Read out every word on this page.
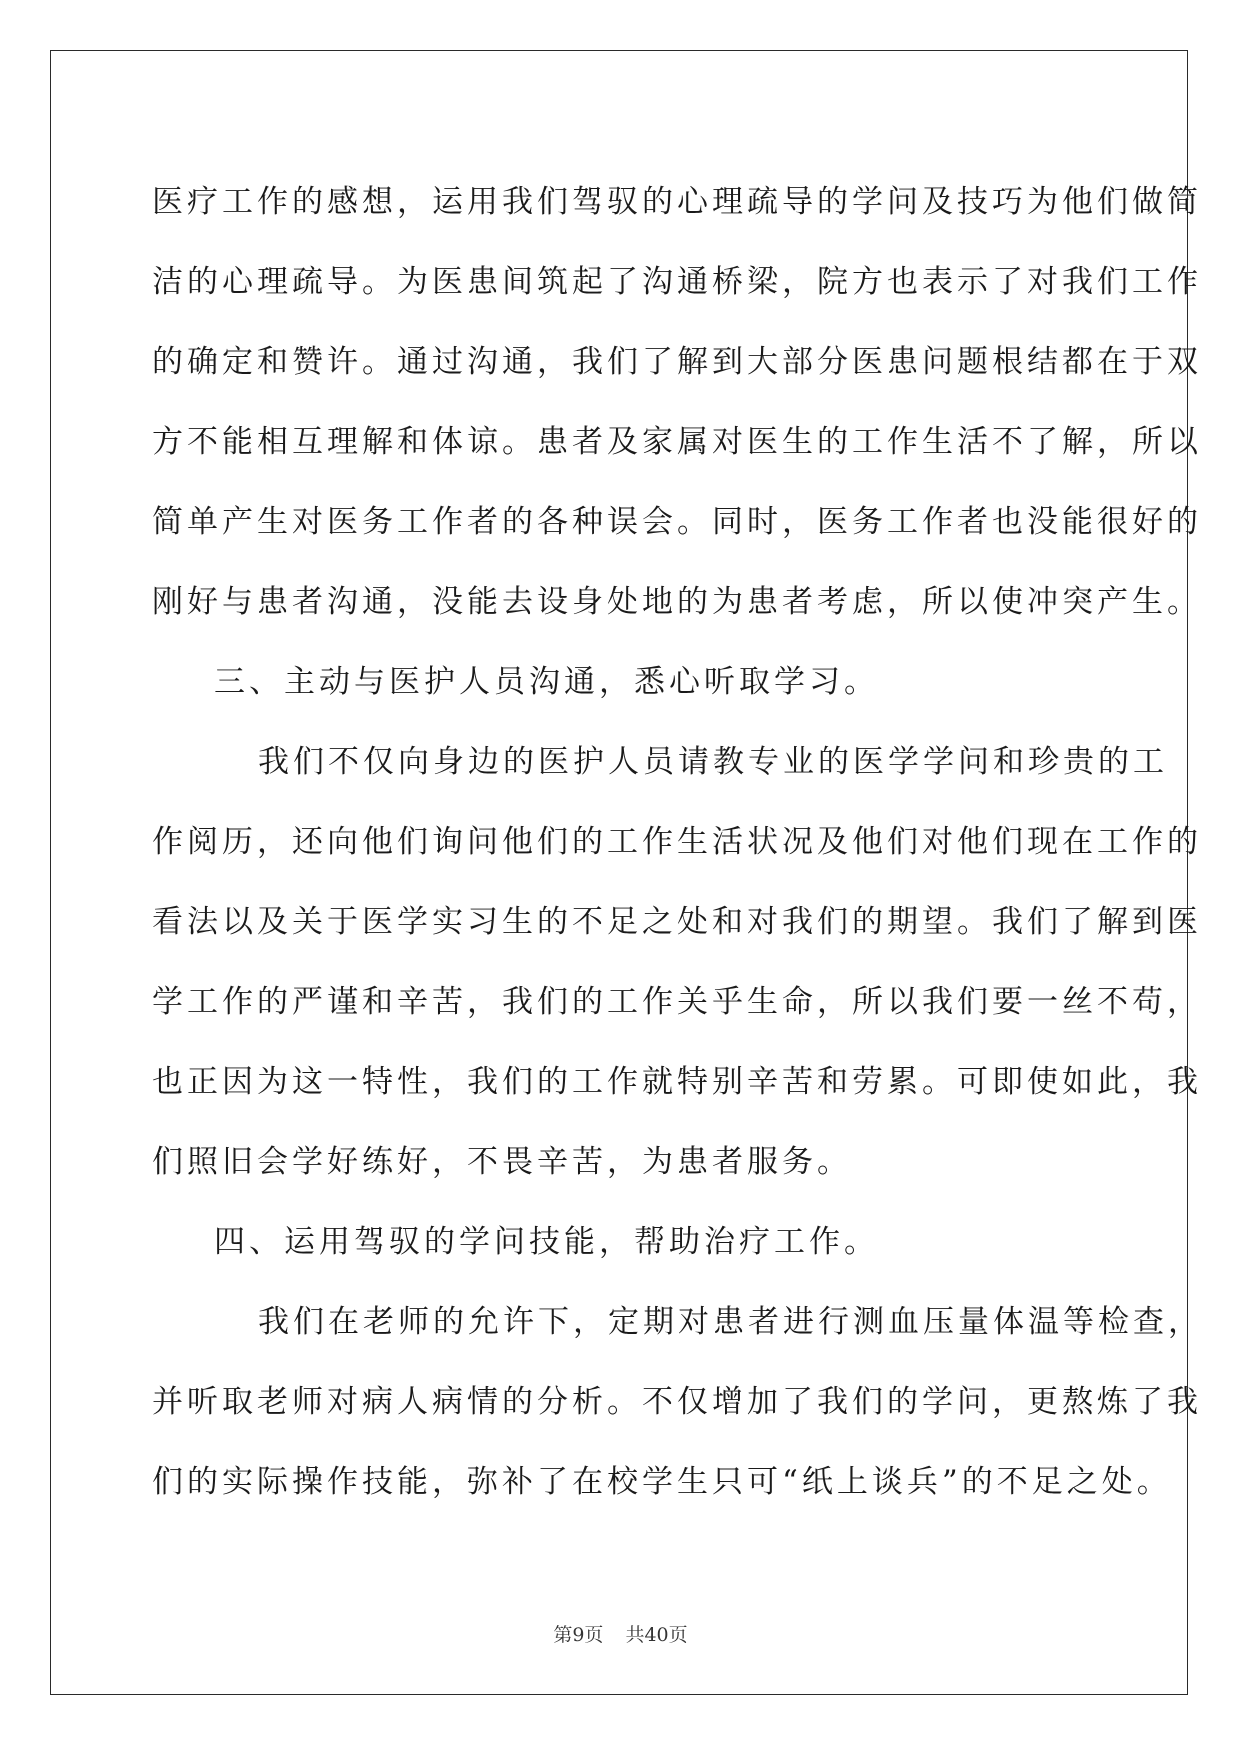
医疗工作的感想，运用我们驾驭的心理疏导的学问及技巧为他们做简
洁的心理疏导。为医患间筑起了沟通桥梁，院方也表示了对我们工作
的确定和赞许。通过沟通，我们了解到大部分医患问题根结都在于双
方不能相互理解和体谅。患者及家属对医生的工作生活不了解，所以
简单产生对医务工作者的各种误会。同时，医务工作者也没能很好的
刚好与患者沟通，没能去设身处地的为患者考虑，所以使冲突产生。
三、主动与医护人员沟通，悉心听取学习。
我们不仅向身边的医护人员请教专业的医学学问和珍贵的工
作阅历，还向他们询问他们的工作生活状况及他们对他们现在工作的
看法以及关于医学实习生的不足之处和对我们的期望。我们了解到医
学工作的严谨和辛苦，我们的工作关乎生命，所以我们要一丝不苟，
也正因为这一特性，我们的工作就特别辛苦和劳累。可即使如此，我
们照旧会学好练好，不畏辛苦，为患者服务。
四、运用驾驭的学问技能，帮助治疗工作。
我们在老师的允许下，定期对患者进行测血压量体温等检查，
并听取老师对病人病情的分析。不仅增加了我们的学问，更熬炼了我
们的实际操作技能，弥补了在校学生只可“纸上谈兵”的不足之处。
第9页 共40页
